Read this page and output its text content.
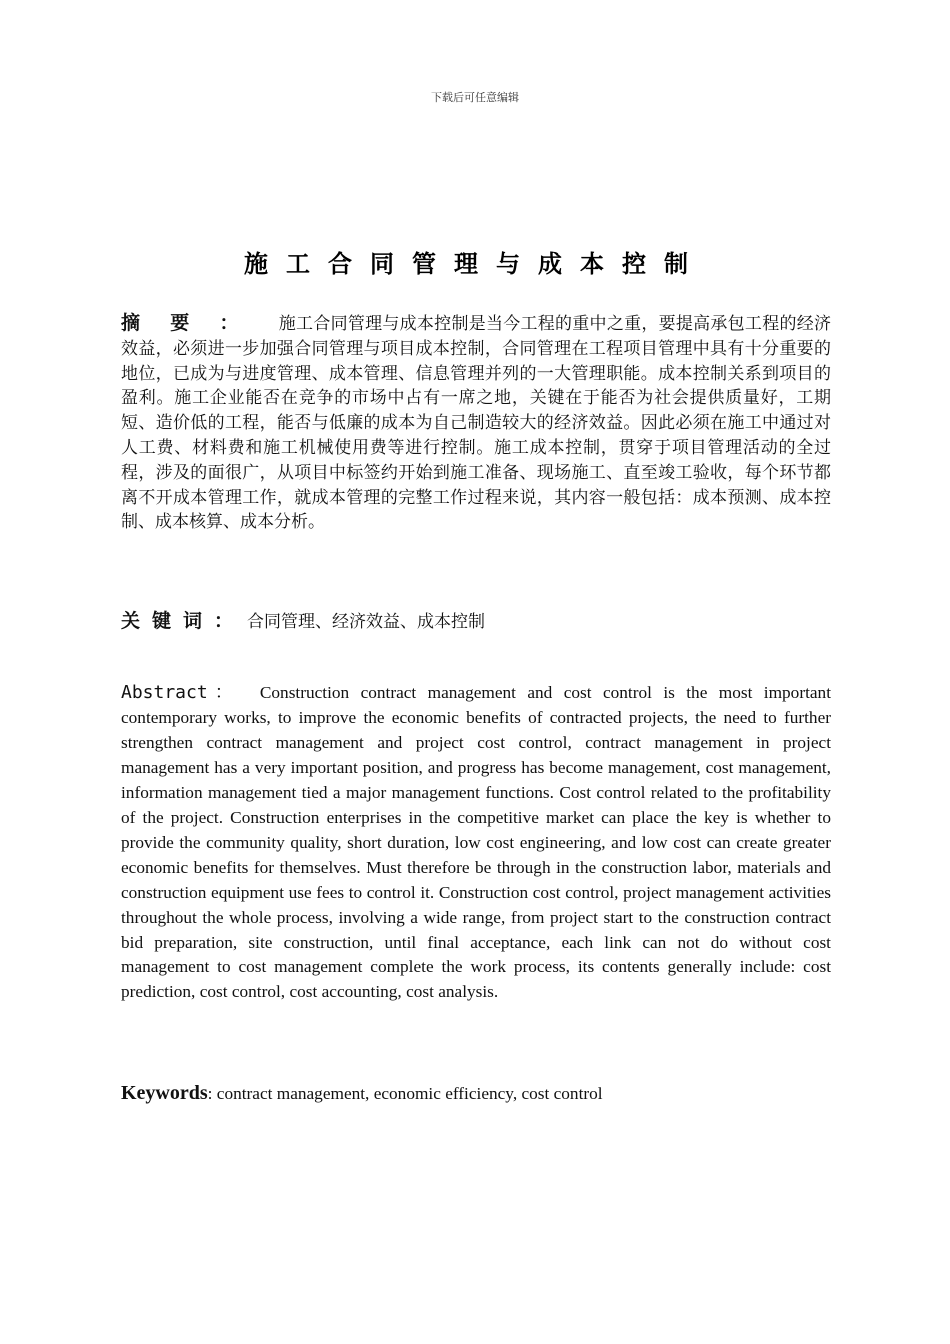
下载后可任意编辑
施工合同管理与成本控制
摘要： 施工合同管理与成本控制是当今工程的重中之重，要提高承包工程的经济效益，必须进一步加强合同管理与项目成本控制，合同管理在工程项目管理中具有十分重要的地位，已成为与进度管理、成本管理、信息管理并列的一大管理职能。成本控制关系到项目的盈利。施工企业能否在竞争的市场中占有一席之地，关键在于能否为社会提供质量好，工期短、造价低的工程，能否与低廉的成本为自己制造较大的经济效益。因此必须在施工中通过对人工费、材料费和施工机械使用费等进行控制。施工成本控制，贯穿于项目管理活动的全过程，涉及的面很广，从项目中标签约开始到施工准备、现场施工、直至竣工验收，每个环节都离不开成本管理工作，就成本管理的完整工作过程来说，其内容一般包括：成本预测、成本控制、成本核算、成本分析。
关键词： 合同管理、经济效益、成本控制
Abstract： Construction contract management and cost control is the most important contemporary works, to improve the economic benefits of contracted projects, the need to further strengthen contract management and project cost control, contract management in project management has a very important position, and progress has become management, cost management, information management tied a major management functions. Cost control related to the profitability of the project. Construction enterprises in the competitive market can place the key is whether to provide the community quality, short duration, low cost engineering, and low cost can create greater economic benefits for themselves. Must therefore be through in the construction labor, materials and construction equipment use fees to control it. Construction cost control, project management activities throughout the whole process, involving a wide range, from project start to the construction contract bid preparation, site construction, until final acceptance, each link can not do without cost management to cost management complete the work process, its contents generally include: cost prediction, cost control, cost accounting, cost analysis.
Keywords: contract management, economic efficiency, cost control
